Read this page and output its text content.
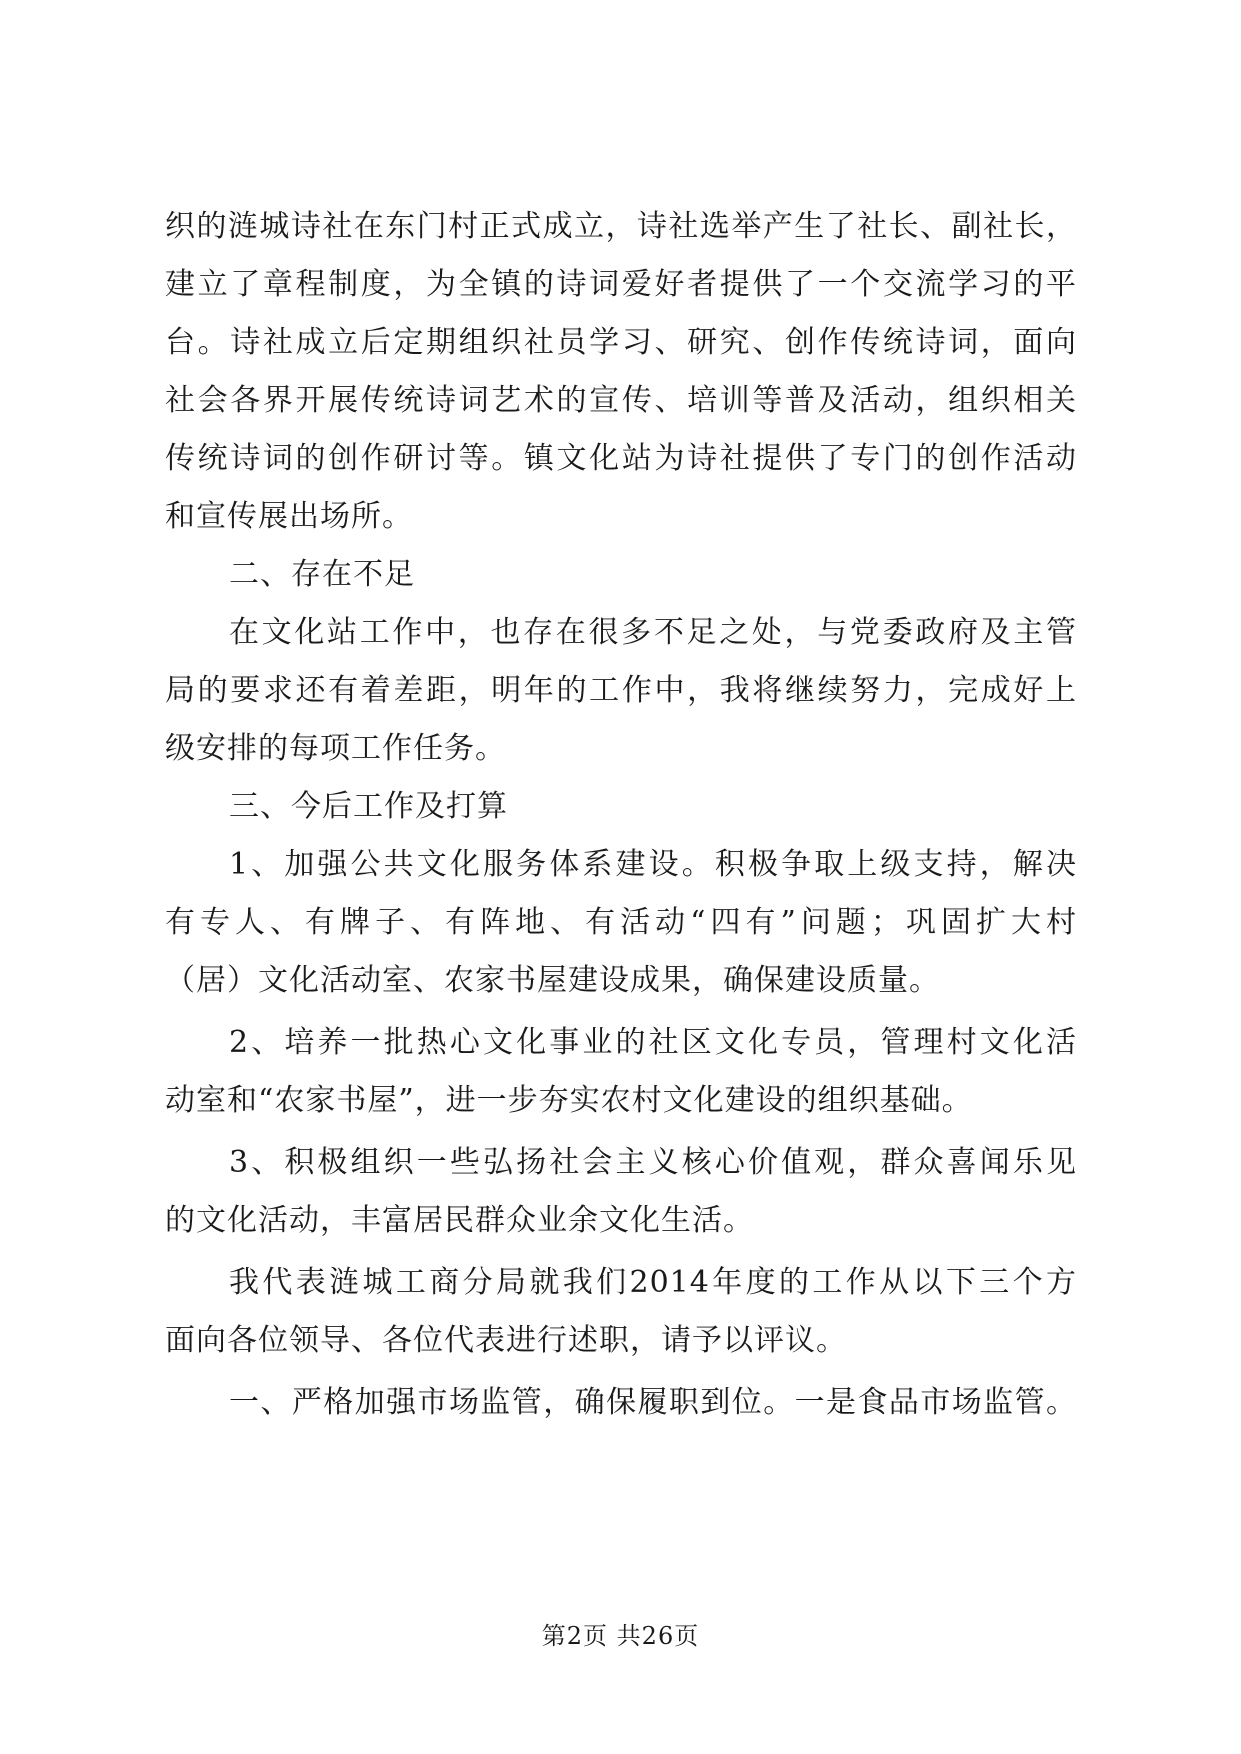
织的涟城诗社在东门村正式成立，诗社选举产生了社长、副社长，
建立了章程制度，为全镇的诗词爱好者提供了一个交流学习的平
台。诗社成立后定期组织社员学习、研究、创作传统诗词，面向
社会各界开展传统诗词艺术的宣传、培训等普及活动，组织相关
传统诗词的创作研讨等。镇文化站为诗社提供了专门的创作活动
和宣传展出场所。
二、存在不足
在文化站工作中，也存在很多不足之处，与党委政府及主管
局的要求还有着差距，明年的工作中，我将继续努力，完成好上
级安排的每项工作任务。
三、今后工作及打算
1、加强公共文化服务体系建设。积极争取上级支持，解决
有专人、有牌子、有阵地、有活动“四有”问题；巩固扩大村
（居）文化活动室、农家书屋建设成果，确保建设质量。
2、培养一批热心文化事业的社区文化专员，管理村文化活
动室和“农家书屋”，进一步夯实农村文化建设的组织基础。
3、积极组织一些弘扬社会主义核心价值观，群众喜闻乐见
的文化活动，丰富居民群众业余文化生活。
我代表涟城工商分局就我们2014年度的工作从以下三个方
面向各位领导、各位代表进行述职，请予以评议。
一、严格加强市场监管，确保履职到位。一是食品市场监管。
第2页 共26页
